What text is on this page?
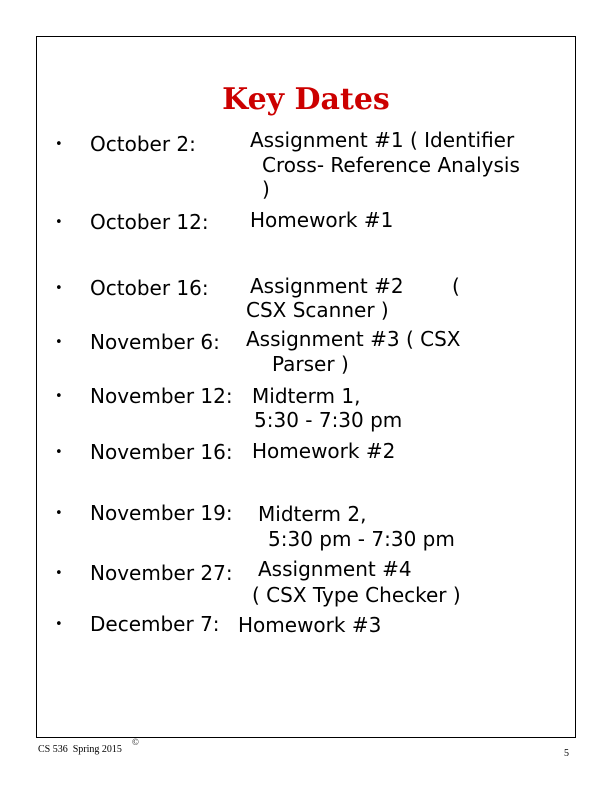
Key Dates
• October 2:	Assignment #1 ( Identifier
Cross- Reference Analysis
)
• October 12: Homework #1
• October 16: Assignment #2 (
CSX Scanner )
• November 6: Assignment #3 ( CSX
Parser )
• November 12: Midterm 1,
5:30 - 7:30 pm
• November 16: Homework #2
• November 19: Midterm 2,
5:30 pm - 7:30 pm
• November 27: Assignment #4
( CSX Type Checker )
• December 7: Homework #3
CS 536  Spring 2015
©
5
